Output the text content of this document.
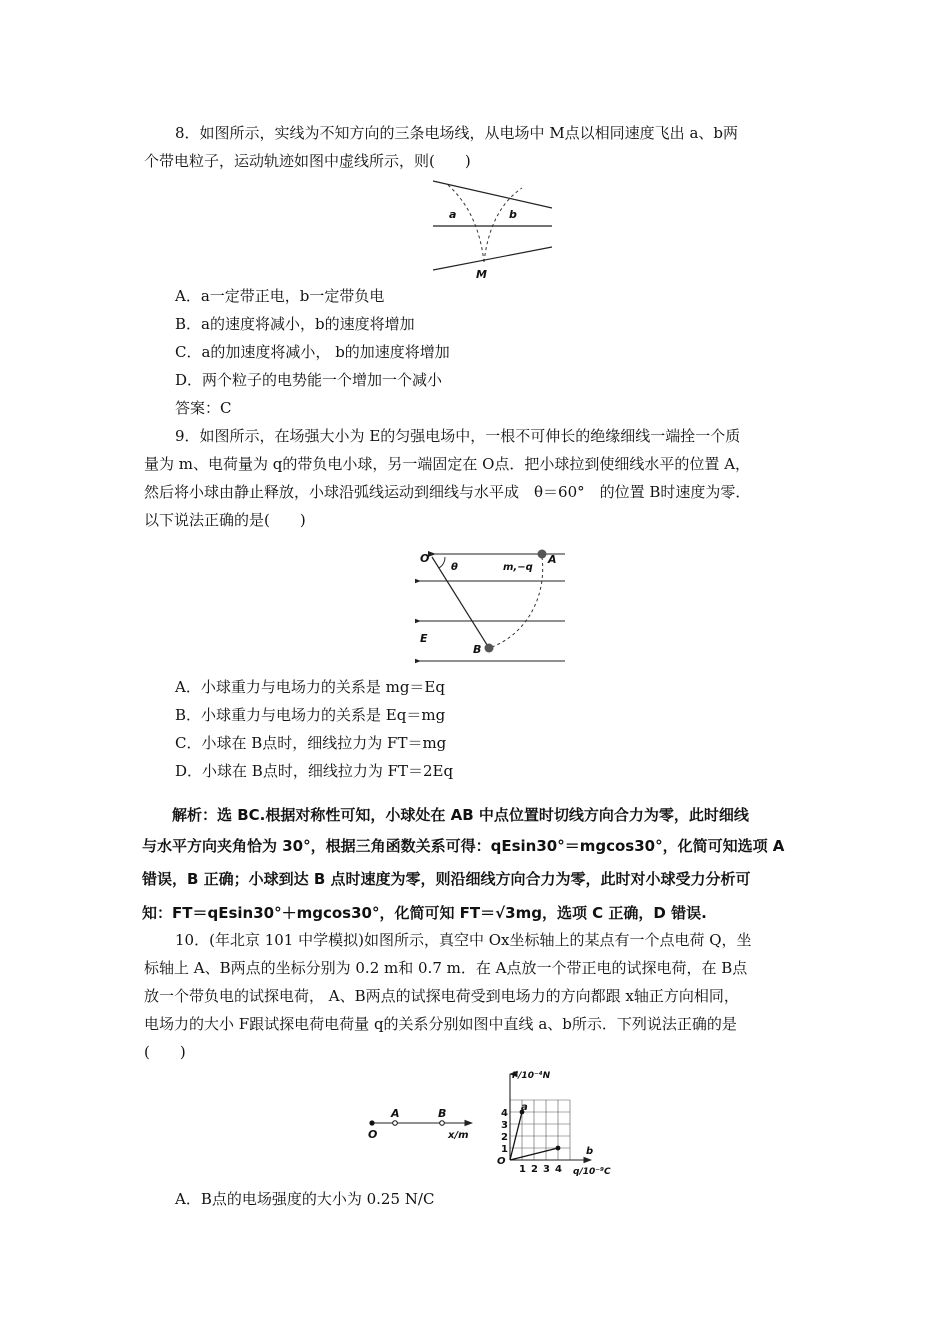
8．如图所示，实线为不知方向的三条电场线，从电场中 M点以相同速度飞出 a、b两
个带电粒子，运动轨迹如图中虚线所示，则(　　)
a	b
M
A．a一定带正电，b一定带负电
B．a的速度将减小，b的速度将增加
C．a的加速度将减小， b的加速度将增加
D．两个粒子的电势能一个增加一个减小
答案：C
9．如图所示，在场强大小为 E的匀强电场中，一根不可伸长的绝缘细线一端拴一个质
量为 m、电荷量为 q的带负电小球，另一端固定在 O点．把小球拉到使细线水平的位置 A，
然后将小球由静止释放，小球沿弧线运动到细线与水平成　θ＝60°　的位置 B时速度为零．
以下说法正确的是(　　)
O
θ	m,−q
A
E
B
A．小球重力与电场力的关系是 mg＝Eq
B．小球重力与电场力的关系是 Eq＝mg
C．小球在 B点时，细线拉力为 FT＝mg
D．小球在 B点时，细线拉力为 FT＝2Eq
解析：选 BC.根据对称性可知，小球处在 AB 中点位置时切线方向合力为零，此时细线
与水平方向夹角恰为 30°，根据三角函数关系可得：qEsin30°＝mgcos30°，化简可知选项 A
错误，B 正确；小球到达 B 点时速度为零，则沿细线方向合力为零，此时对小球受力分析可
知：FT＝qEsin30°＋mgcos30°，化简可知 FT＝√3mg，选项 C 正确，D 错误.
10．(年北京 101 中学模拟)如图所示，真空中 Ox坐标轴上的某点有一个点电荷 Q，坐
标轴上 A、B两点的坐标分别为 0.2 m和 0.7 m．在 A点放一个带正电的试探电荷，在 B点
放一个带负电的试探电荷， A、B两点的试探电荷受到电场力的方向都跟 x轴正方向相同，
电场力的大小 F跟试探电荷电荷量 q的关系分别如图中直线 a、b所示．下列说法正确的是
(　　)
O
A	B
x/m
1
2
3
4
1 2 3 4
F/10⁻⁴N
q/10⁻⁹C
O
a
b
A．B点的电场强度的大小为 0.25 N/C
